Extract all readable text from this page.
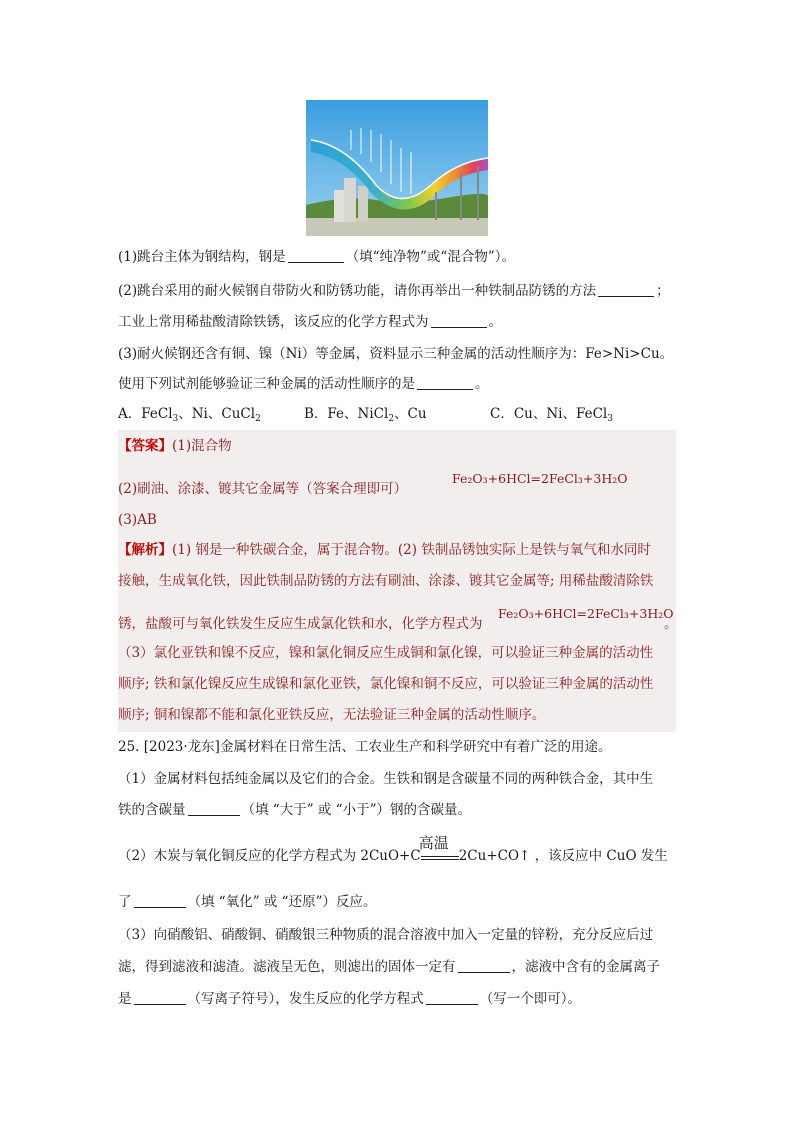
(1)跳台主体为钢结构，钢是	（填“纯净物”或“混合物”）。
(2)跳台采用的耐火候钢自带防火和防锈功能，请你再举出一种铁制品防锈的方法	；
工业上常用稀盐酸清除铁锈，该反应的化学方程式为	。
(3)耐火候钢还含有铜、镍（Ni）等金属，资料显示三种金属的活动性顺序为：Fe>Ni>Cu。
使用下列试剂能够验证三种金属的活动性顺序的是	。
A．FeCl$_3$、Ni、CuCl$_2$	B．Fe、NiCl$_2$、Cu	C．Cu、Ni、FeCl$_3$
【答案】(1)混合物
(2)刷油、涂漆、镀其它金属等（答案合理即可）
Fe₂O₃+6HCl=2FeCl₃+3H₂O
(3)AB
【解析】(1) 钢是一种铁碳合金，属于混合物。(2) 铁制品锈蚀实际上是铁与氧气和水同时
接触，生成氧化铁，因此铁制品防锈的方法有刷油、涂漆、镀其它金属等; 用稀盐酸清除铁
锈，盐酸可与氧化铁发生反应生成氯化铁和水，化学方程式为
Fe₂O₃+6HCl=2FeCl₃+3H₂O
。
（3）氯化亚铁和镍不反应，镍和氯化铜反应生成铜和氯化镍，可以验证三种金属的活动性
顺序; 铁和氯化镍反应生成镍和氯化亚铁，氯化镍和铜不反应，可以验证三种金属的活动性
顺序; 铜和镍都不能和氯化亚铁反应，无法验证三种金属的活动性顺序。
25. [2023·龙东]金属材料在日常生活、工农业生产和科学研究中有着广泛的用途。
（1）金属材料包括纯金属以及它们的合金。生铁和钢是含碳量不同的两种铁合金，其中生
铁的含碳量	（填 “大于” 或 “小于”）钢的含碳量。
（2）木炭与氧化铜反应的化学方程式为 2CuO+C
高温
2Cu+CO↑ ，该反应中 CuO 发生
了	（填 “氧化” 或 “还原”）反应。
（3）向硝酸铝、硝酸铜、硝酸银三种物质的混合溶液中加入一定量的锌粉，充分反应后过
滤，得到滤液和滤渣。滤液呈无色，则滤出的固体一定有	，滤液中含有的金属离子
是	（写离子符号），发生反应的化学方程式	（写一个即可）。
